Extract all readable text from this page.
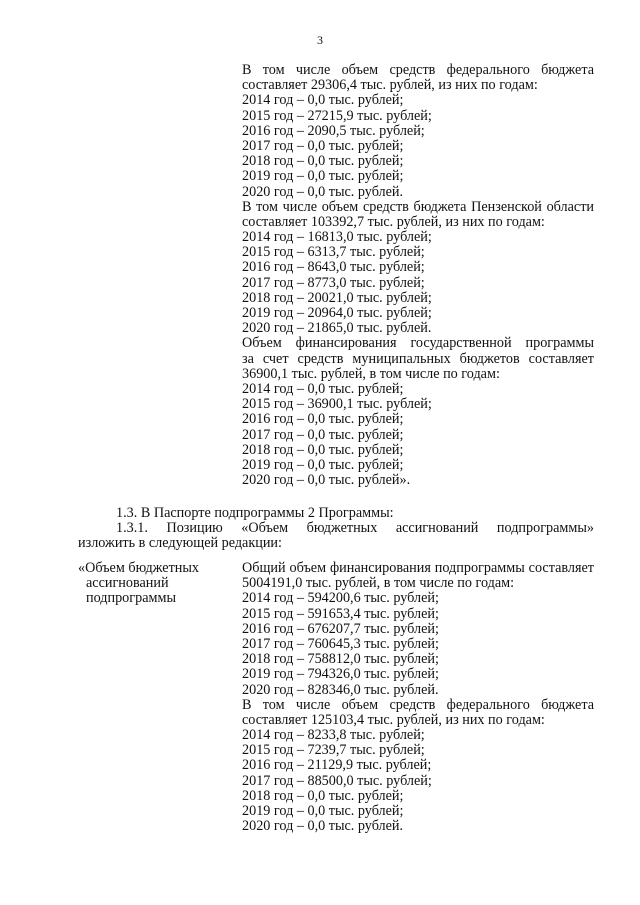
3
В том числе объем средств федерального бюджета
составляет 29306,4 тыс. рублей, из них по годам:
2014 год – 0,0 тыс. рублей;
2015 год – 27215,9 тыс. рублей;
2016 год – 2090,5 тыс. рублей;
2017 год – 0,0 тыс. рублей;
2018 год – 0,0 тыс. рублей;
2019 год – 0,0 тыс. рублей;
2020 год – 0,0 тыс. рублей.
В том числе объем средств бюджета Пензенской области
составляет 103392,7 тыс. рублей, из них по годам:
2014 год – 16813,0 тыс. рублей;
2015 год – 6313,7 тыс. рублей;
2016 год – 8643,0 тыс. рублей;
2017 год – 8773,0 тыс. рублей;
2018 год – 20021,0 тыс. рублей;
2019 год – 20964,0 тыс. рублей;
2020 год – 21865,0 тыс. рублей.
Объем финансирования государственной программы
за счет средств муниципальных бюджетов составляет
36900,1 тыс. рублей, в том числе по годам:
2014 год – 0,0 тыс. рублей;
2015 год – 36900,1 тыс. рублей;
2016 год – 0,0 тыс. рублей;
2017 год – 0,0 тыс. рублей;
2018 год – 0,0 тыс. рублей;
2019 год – 0,0 тыс. рублей;
2020 год – 0,0 тыс. рублей».
1.3. В Паспорте подпрограммы 2 Программы:
1.3.1. Позицию «Объем бюджетных ассигнований подпрограммы»
изложить в следующей редакции:
«Объем бюджетных
ассигнований
подпрограммы
Общий объем финансирования подпрограммы составляет
5004191,0 тыс. рублей, в том числе по годам:
2014 год – 594200,6 тыс. рублей;
2015 год – 591653,4 тыс. рублей;
2016 год – 676207,7 тыс. рублей;
2017 год – 760645,3 тыс. рублей;
2018 год – 758812,0 тыс. рублей;
2019 год – 794326,0 тыс. рублей;
2020 год – 828346,0 тыс. рублей.
В том числе объем средств федерального бюджета
составляет 125103,4 тыс. рублей, из них по годам:
2014 год – 8233,8 тыс. рублей;
2015 год – 7239,7 тыс. рублей;
2016 год – 21129,9 тыс. рублей;
2017 год – 88500,0 тыс. рублей;
2018 год – 0,0 тыс. рублей;
2019 год – 0,0 тыс. рублей;
2020 год – 0,0 тыс. рублей.
